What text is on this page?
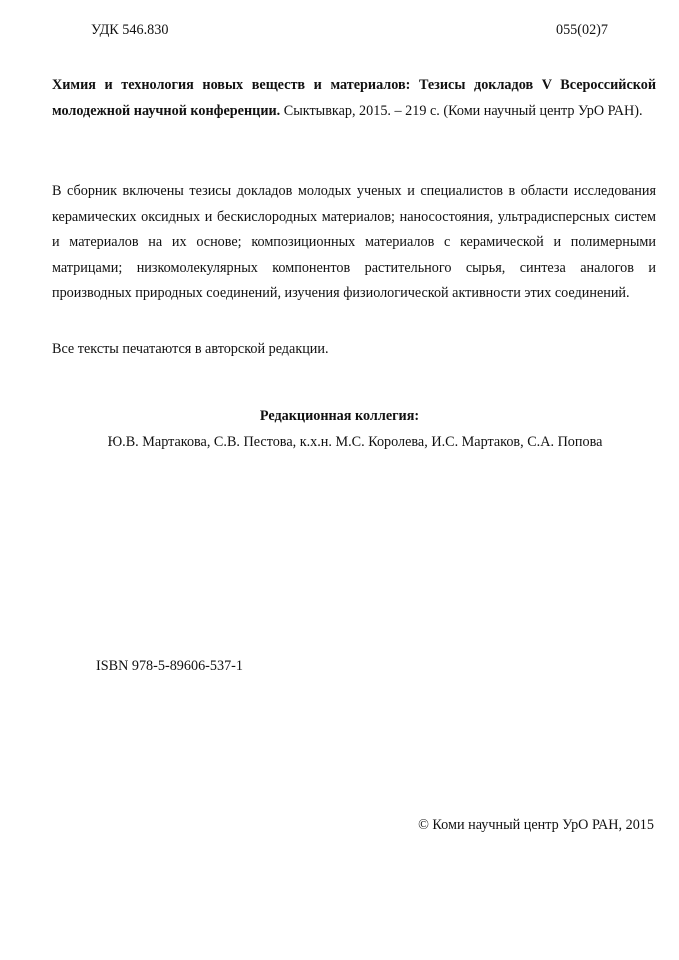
УДК 546.830	055(02)7
Химия и технология новых веществ и материалов: Тезисы докладов V Всероссийской молодежной научной конференции. Сыктывкар, 2015. – 219 с. (Коми научный центр УрО РАН).

В сборник включены тезисы докладов молодых ученых и специалистов в области исследования керамических оксидных и бескислородных материалов; наносостояния, ультрадисперсных систем и материалов на их основе; композиционных материалов с керамической и полимерными матрицами; низкомолекулярных компонентов растительного сырья, синтеза аналогов и производных природных соединений, изучения физиологической активности этих соединений.

Все тексты печатаются в авторской редакции.
Редакционная коллегия:
Ю.В. Мартакова, С.В. Пестова, к.х.н. М.С. Королева, И.С. Мартаков, С.А. Попова
ISBN 978-5-89606-537-1
© Коми научный центр УрО РАН, 2015
